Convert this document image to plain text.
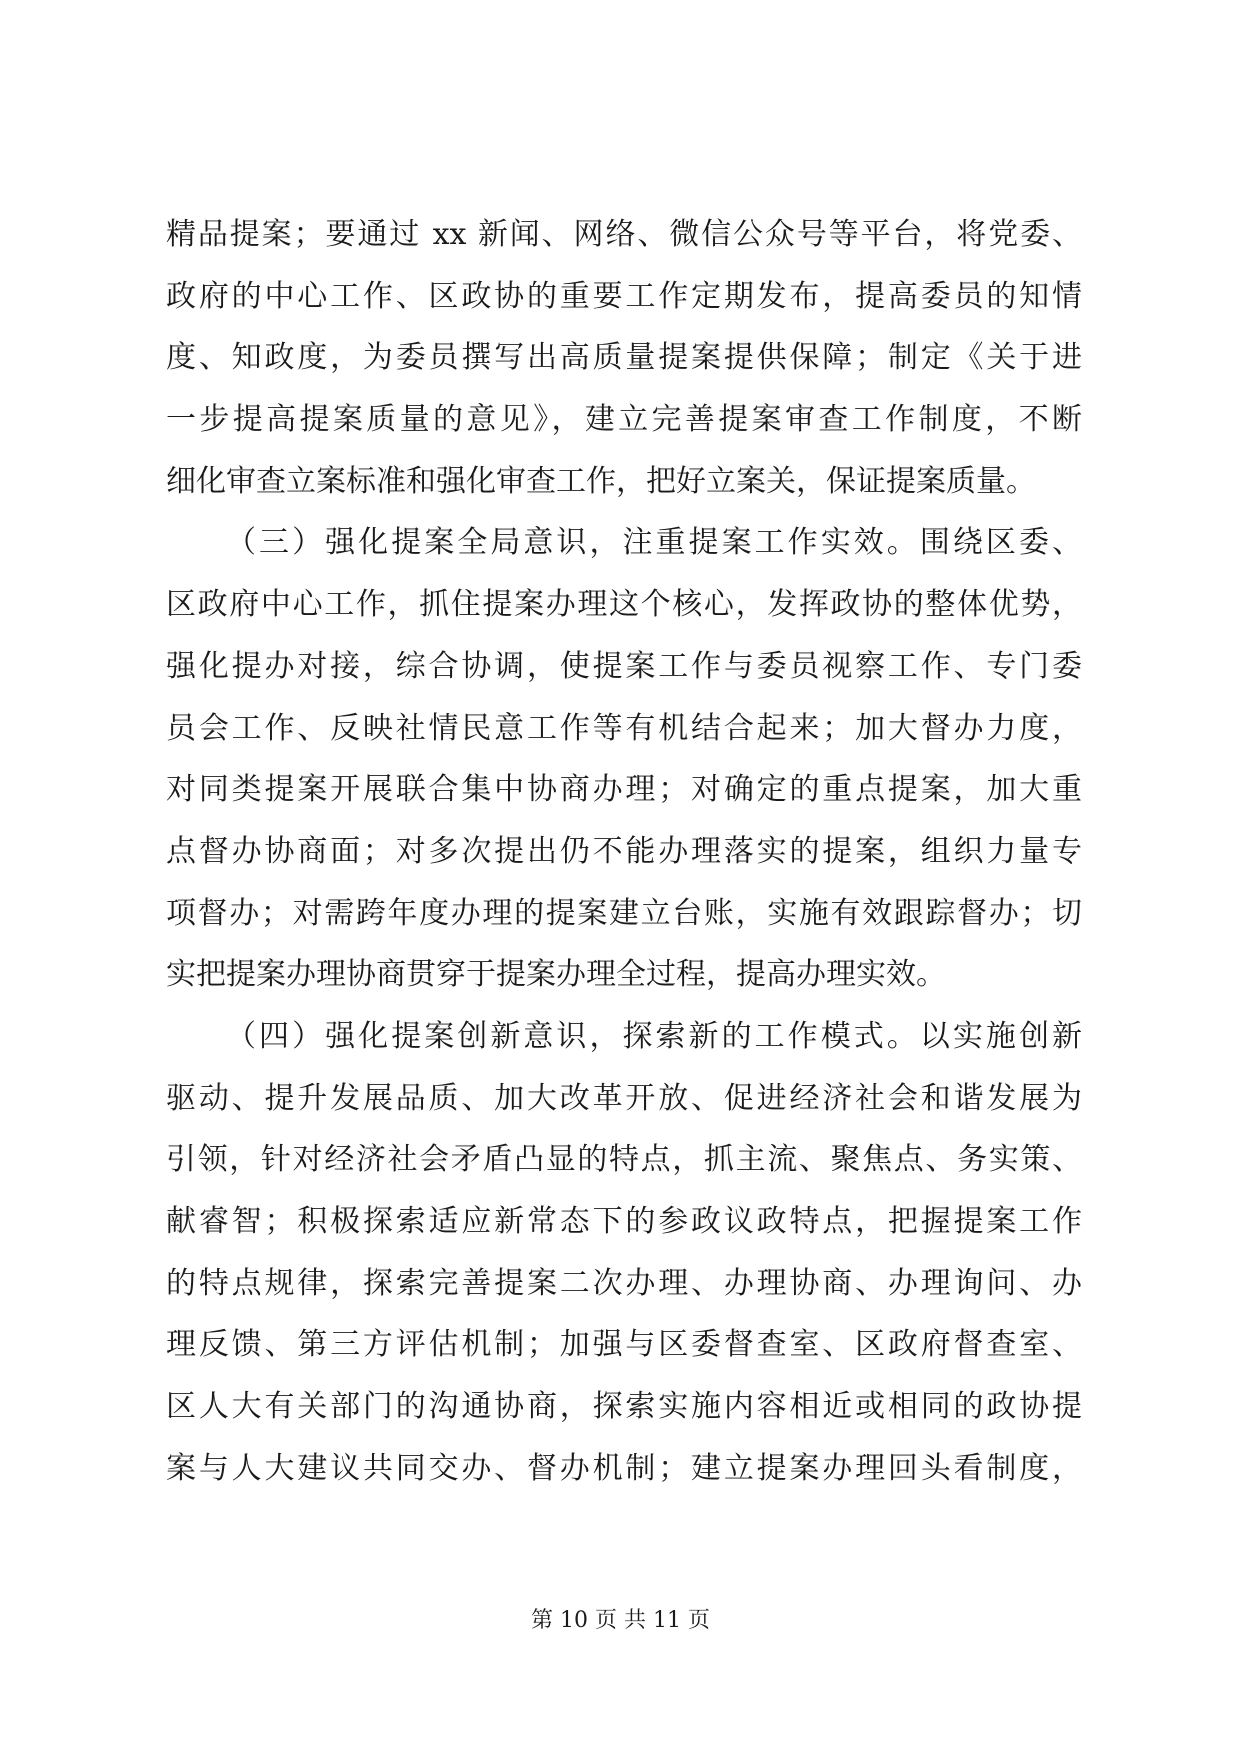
精品提案；要通过 xx 新闻、网络、微信公众号等平台，将党委、
政府的中心工作、区政协的重要工作定期发布，提高委员的知情
度、知政度，为委员撰写出高质量提案提供保障；制定《关于进
一步提高提案质量的意见》，建立完善提案审查工作制度，不断
细化审查立案标准和强化审查工作，把好立案关，保证提案质量。
（三）强化提案全局意识，注重提案工作实效。围绕区委、
区政府中心工作，抓住提案办理这个核心，发挥政协的整体优势，
强化提办对接，综合协调，使提案工作与委员视察工作、专门委
员会工作、反映社情民意工作等有机结合起来；加大督办力度，
对同类提案开展联合集中协商办理；对确定的重点提案，加大重
点督办协商面；对多次提出仍不能办理落实的提案，组织力量专
项督办；对需跨年度办理的提案建立台账，实施有效跟踪督办；切
实把提案办理协商贯穿于提案办理全过程，提高办理实效。
（四）强化提案创新意识，探索新的工作模式。以实施创新
驱动、提升发展品质、加大改革开放、促进经济社会和谐发展为
引领，针对经济社会矛盾凸显的特点，抓主流、聚焦点、务实策、
献睿智；积极探索适应新常态下的参政议政特点，把握提案工作
的特点规律，探索完善提案二次办理、办理协商、办理询问、办
理反馈、第三方评估机制；加强与区委督查室、区政府督查室、
区人大有关部门的沟通协商，探索实施内容相近或相同的政协提
案与人大建议共同交办、督办机制；建立提案办理回头看制度，
第 10 页 共 11 页
